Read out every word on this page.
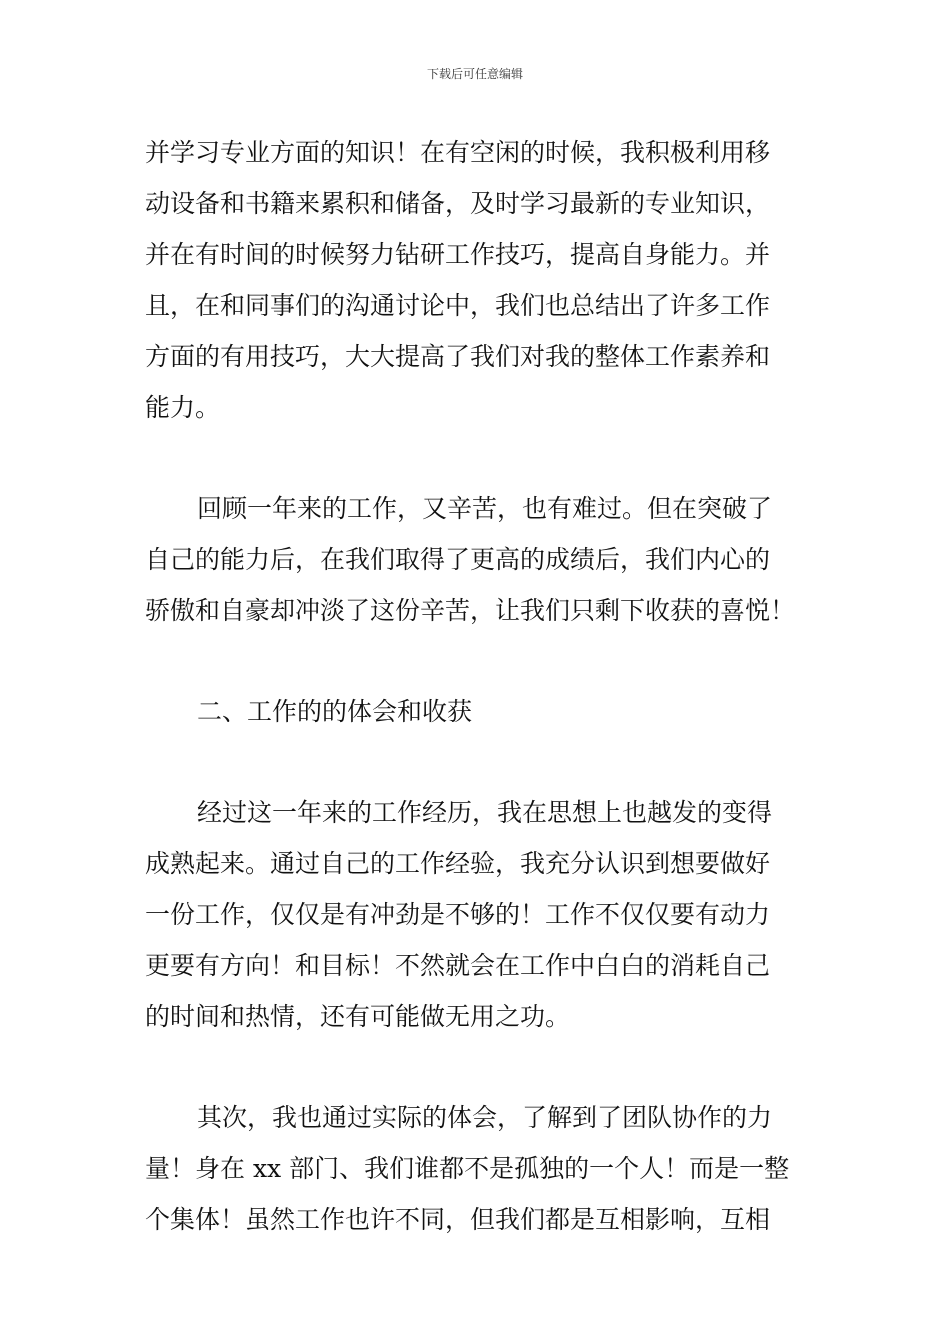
下载后可任意编辑
并学习专业方面的知识！在有空闲的时候，我积极利用移
动设备和书籍来累积和储备，及时学习最新的专业知识，
并在有时间的时候努力钻研工作技巧，提高自身能力。并
且，在和同事们的沟通讨论中，我们也总结出了许多工作
方面的有用技巧，大大提高了我们对我的整体工作素养和
能力。
回顾一年来的工作，又辛苦，也有难过。但在突破了
自己的能力后，在我们取得了更高的成绩后，我们内心的
骄傲和自豪却冲淡了这份辛苦，让我们只剩下收获的喜悦！
二、工作的的体会和收获
经过这一年来的工作经历，我在思想上也越发的变得
成熟起来。通过自己的工作经验，我充分认识到想要做好
一份工作，仅仅是有冲劲是不够的！工作不仅仅要有动力
更要有方向！和目标！不然就会在工作中白白的消耗自己
的时间和热情，还有可能做无用之功。
其次，我也通过实际的体会，了解到了团队协作的力
量！身在 xx 部门、我们谁都不是孤独的一个人！而是一整
个集体！虽然工作也许不同，但我们都是互相影响，互相
